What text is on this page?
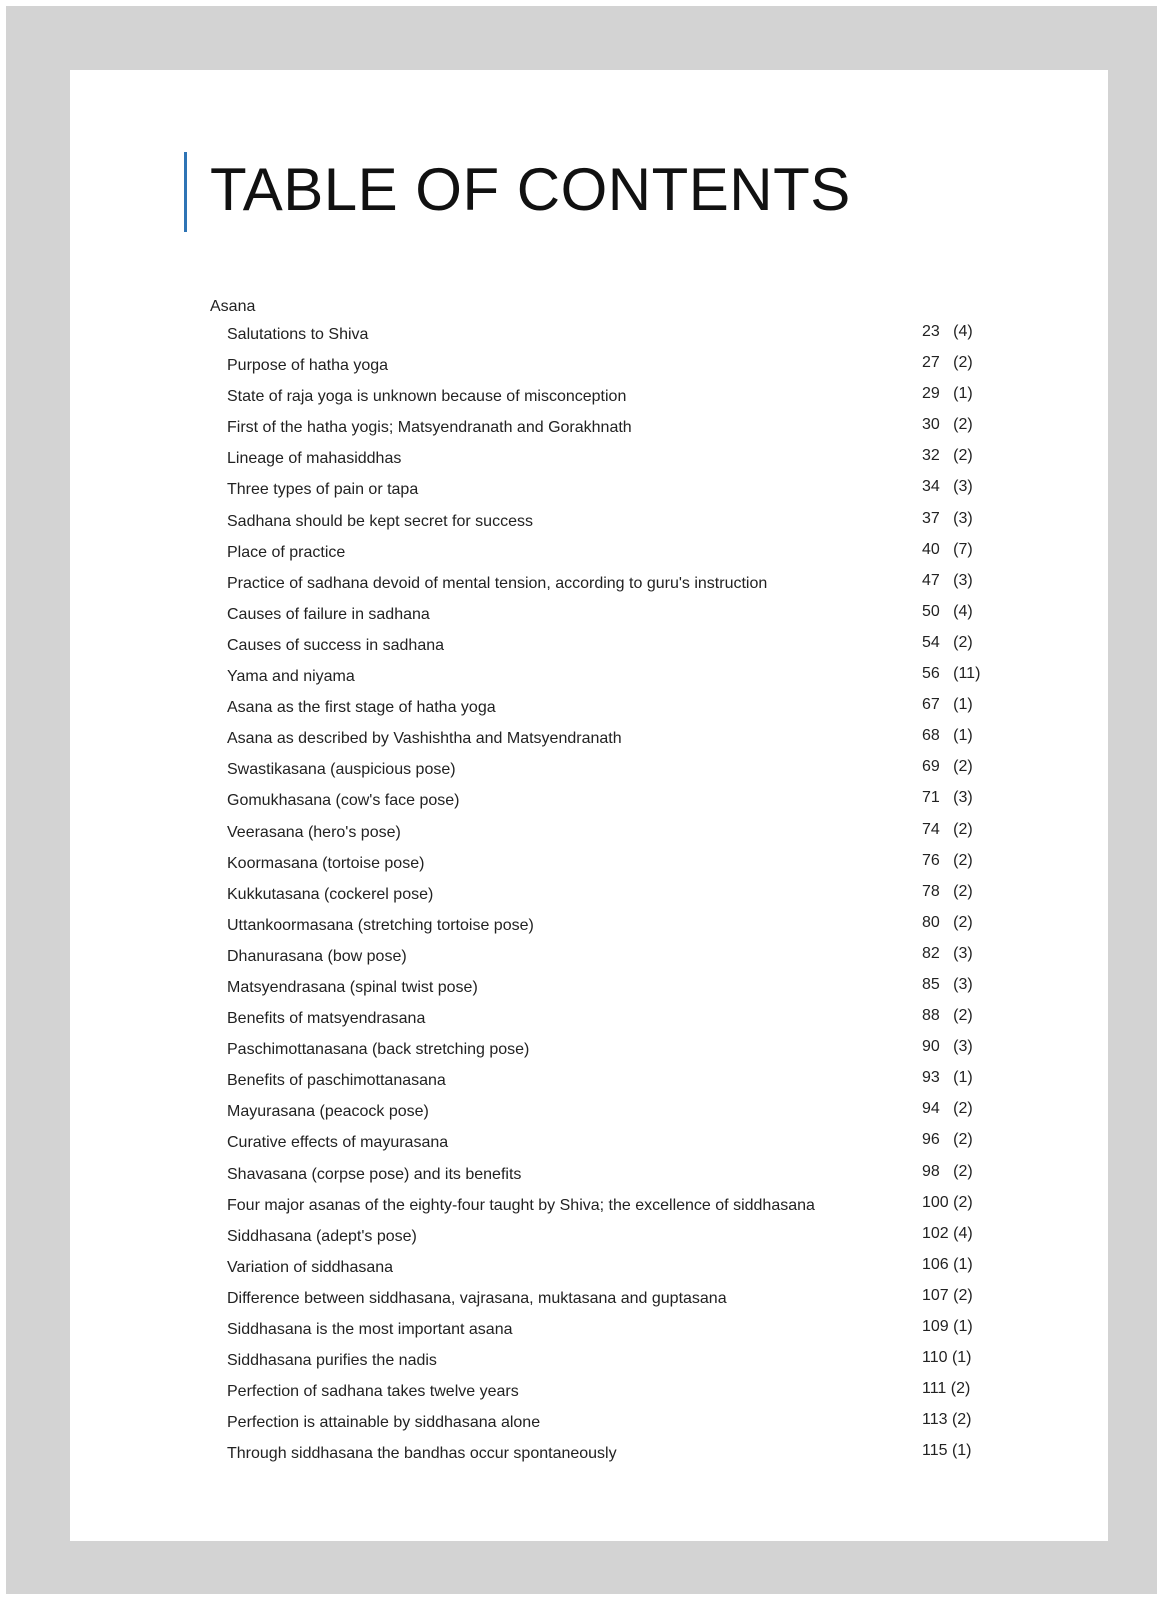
TABLE OF CONTENTS
Asana
Salutations to Shiva	23   (4)
Purpose of hatha yoga	27   (2)
State of raja yoga is unknown because of misconception	29   (1)
First of the hatha yogis; Matsyendranath and Gorakhnath	30   (2)
Lineage of mahasiddhas	32   (2)
Three types of pain or tapa	34   (3)
Sadhana should be kept secret for success	37   (3)
Place of practice	40   (7)
Practice of sadhana devoid of mental tension, according to guru's instruction	47   (3)
Causes of failure in sadhana	50   (4)
Causes of success in sadhana	54   (2)
Yama and niyama	56   (11)
Asana as the first stage of hatha yoga	67   (1)
Asana as described by Vashishtha and Matsyendranath	68   (1)
Swastikasana (auspicious pose)	69   (2)
Gomukhasana (cow's face pose)	71   (3)
Veerasana (hero's pose)	74   (2)
Koormasana (tortoise pose)	76   (2)
Kukkutasana (cockerel pose)	78   (2)
Uttankoormasana (stretching tortoise pose)	80   (2)
Dhanurasana (bow pose)	82   (3)
Matsyendrasana (spinal twist pose)	85   (3)
Benefits of matsyendrasana	88   (2)
Paschimottanasana (back stretching pose)	90   (3)
Benefits of paschimottanasana	93   (1)
Mayurasana (peacock pose)	94   (2)
Curative effects of mayurasana	96   (2)
Shavasana (corpse pose) and its benefits	98   (2)
Four major asanas of the eighty-four taught by Shiva; the excellence of siddhasana	100 (2)
Siddhasana (adept's pose)	102 (4)
Variation of siddhasana	106 (1)
Difference between siddhasana, vajrasana, muktasana and guptasana	107 (2)
Siddhasana is the most important asana	109 (1)
Siddhasana purifies the nadis	110 (1)
Perfection of sadhana takes twelve years	111 (2)
Perfection is attainable by siddhasana alone	113 (2)
Through siddhasana the bandhas occur spontaneously	115 (1)
